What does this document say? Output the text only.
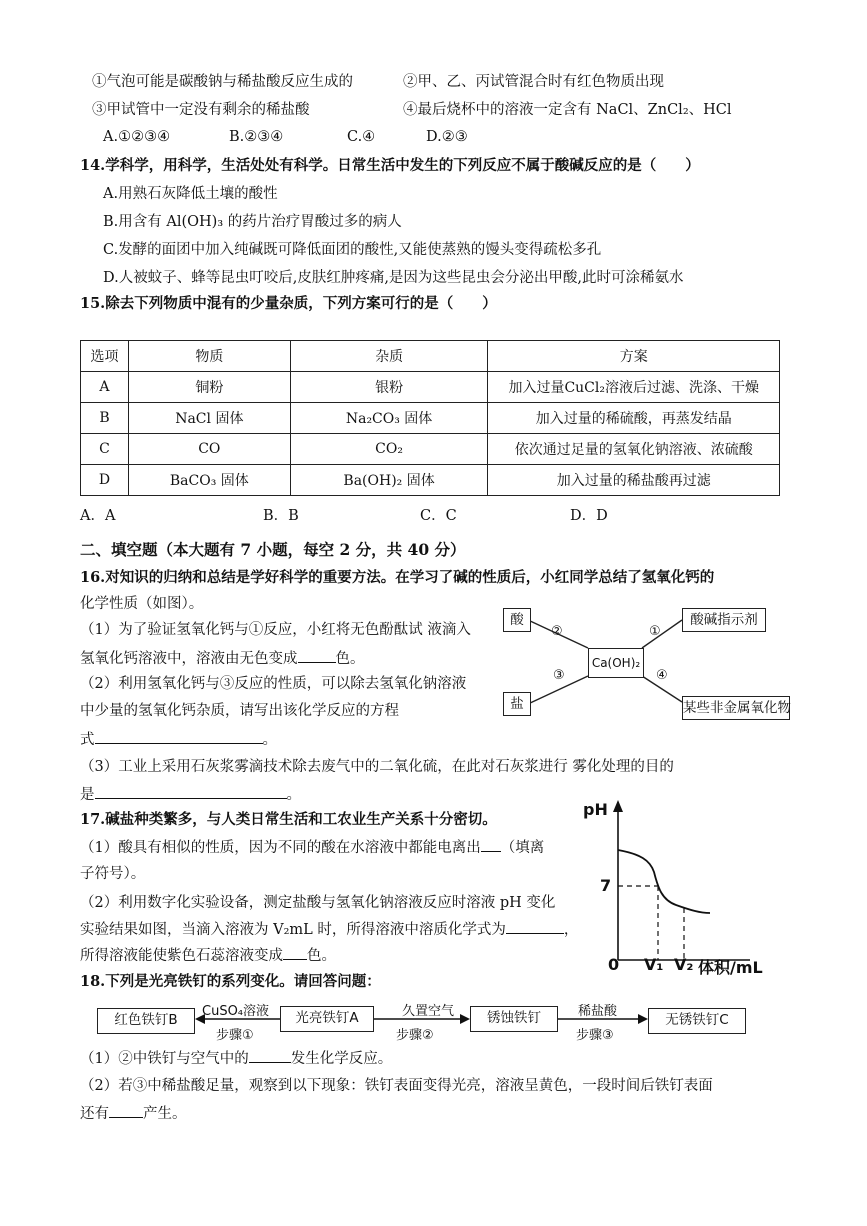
①气泡可能是碳酸钠与稀盐酸反应生成的	②甲、乙、丙试管混合时有红色物质出现
③甲试管中一定没有剩余的稀盐酸	④最后烧杯中的溶液一定含有 NaCl、ZnCl₂、HCl
A.①②③④	B.②③④	C.④	D.②③
14.学科学，用科学，生活处处有科学。日常生活中发生的下列反应不属于酸碱反应的是（　　）
A.用熟石灰降低土壤的酸性
B.用含有 Al(OH)₃ 的药片治疗胃酸过多的病人
C.发酵的面团中加入纯碱既可降低面团的酸性,又能使蒸熟的馒头变得疏松多孔
D.人被蚊子、蜂等昆虫叮咬后,皮肤红肿疼痛,是因为这些昆虫会分泌出甲酸,此时可涂稀氨水
15.除去下列物质中混有的少量杂质，下列方案可行的是（　　）
选项	物质	杂质	方案
A	铜粉	银粉	加入过量CuCl₂溶液后过滤、洗涤、干燥
B	NaCl 固体	Na₂CO₃ 固体	加入过量的稀硫酸，再蒸发结晶
C	CO	CO₂	依次通过足量的氢氧化钠溶液、浓硫酸
D	BaCO₃ 固体	Ba(OH)₂ 固体	加入过量的稀盐酸再过滤
A．A	B．B	C．C	D．D
二、填空题（本大题有 7 小题，每空 2 分，共 40 分）
16.对知识的归纳和总结是学好科学的重要方法。在学习了碱的性质后，小红同学总结了氢氧化钙的
化学性质（如图）。
（1）为了验证氢氧化钙与①反应，小红将无色酚酞试 液滴入
氢氧化钙溶液中，溶液由无色变成	色。
（2）利用氢氧化钙与③反应的性质，可以除去氢氧化钠溶液
中少量的氢氧化钙杂质，请写出该化学反应的方程
式	。
（3）工业上采用石灰浆雾滴技术除去废气中的二氧化硫，在此对石灰浆进行 雾化处理的目的
是	。
酸	酸碱指示剂
Ca(OH)₂
盐	某些非金属氧化物
②	①
③	④
17.碱盐种类繁多，与人类日常生活和工农业生产关系十分密切。
（1）酸具有相似的性质，因为不同的酸在水溶液中都能电离出 （填离
子符号）。
（2）利用数字化实验设备，测定盐酸与氢氧化钠溶液反应时溶液 pH 变化
实验结果如图，当滴入溶液为 V₂mL 时，所得溶液中溶质化学式为	，
所得溶液能使紫色石蕊溶液变成 色。
pH
7
0 V₁ V₂ 体积/mL
18.下列是光亮铁钉的系列变化。请回答问题：
红色铁钉B	光亮铁钉A	锈蚀铁钉	无锈铁钉C
CuSO₄溶液
步骤①
久置空气
步骤②
稀盐酸
步骤③
（1）②中铁钉与空气中的	发生化学反应。
（2）若③中稀盐酸足量，观察到以下现象：铁钉表面变得光亮，溶液呈黄色，一段时间后铁钉表面
还有 产生。
